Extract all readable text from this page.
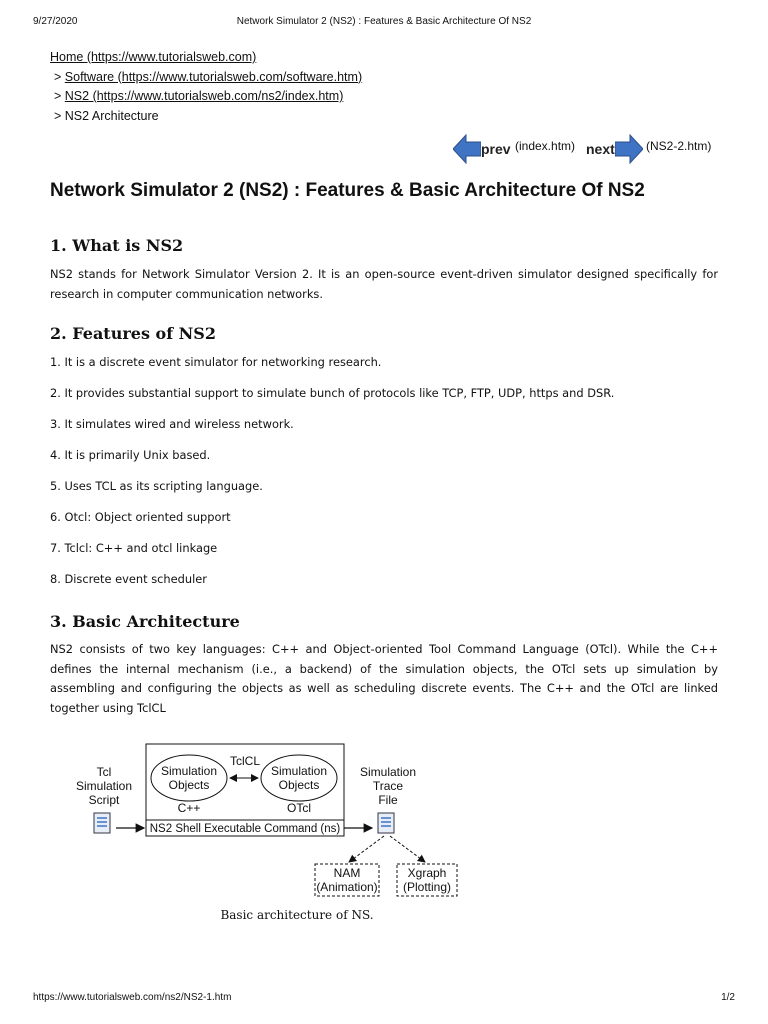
9/27/2020	Network Simulator 2 (NS2) : Features & Basic Architecture Of NS2
Home (https://www.tutorialsweb.com)
> Software (https://www.tutorialsweb.com/software.htm)
> NS2 (https://www.tutorialsweb.com/ns2/index.htm)
> NS2 Architecture
prev (index.htm) next	(NS2-2.htm)
Network Simulator 2 (NS2) : Features & Basic Architecture Of NS2
1. What is NS2
NS2 stands for Network Simulator Version 2. It is an open-source event-driven simulator designed specifically for research in computer communication networks.
2. Features of NS2
1. It is a discrete event simulator for networking research.
2. It provides substantial support to simulate bunch of protocols like TCP, FTP, UDP, https and DSR.
3. It simulates wired and wireless network.
4. It is primarily Unix based.
5. Uses TCL as its scripting language.
6. Otcl: Object oriented support
7. Tclcl: C++ and otcl linkage
8. Discrete event scheduler
3. Basic Architecture
NS2 consists of two key languages: C++ and Object-oriented Tool Command Language (OTcl). While the C++ defines the internal mechanism (i.e., a backend) of the simulation objects, the OTcl sets up simulation by assembling and configuring the objects as well as scheduling discrete events. The C++ and the OTcl are linked together using TclCL
Tcl
Simulation
Script
Simulation
Objects
C++
Simulation
Objects
OTcl
TclCL
NS2 Shell Executable Command (ns)
Simulation
Trace
File
NAM
(Animation)
Xgraph
(Plotting)
Basic architecture of NS.
https://www.tutorialsweb.com/ns2/NS2-1.htm	1/2
